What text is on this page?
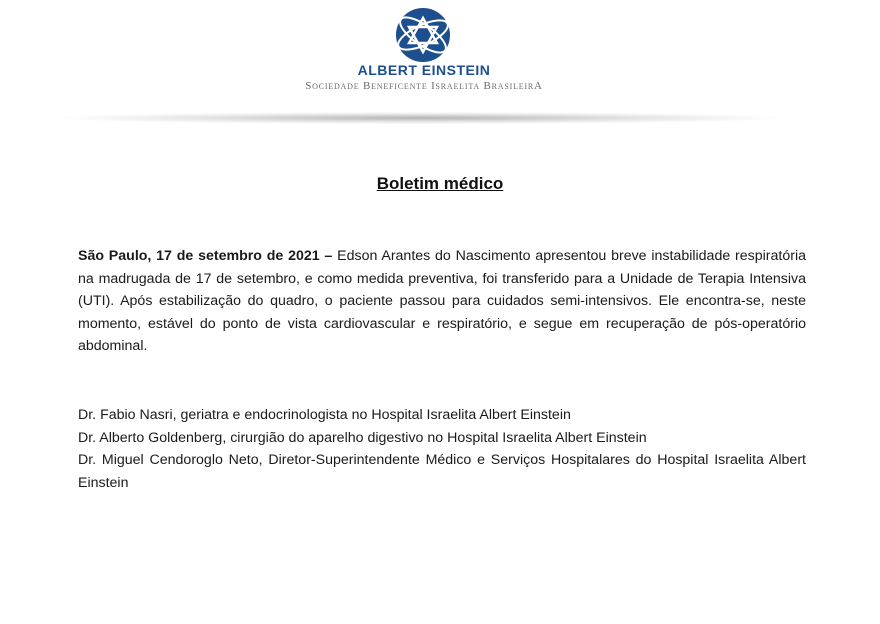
ALBERT EINSTEIN
Sociedade Beneficente Israelita BrasileirA
Boletim médico
São Paulo, 17 de setembro de 2021 – Edson Arantes do Nascimento apresentou breve instabilidade respiratória na madrugada de 17 de setembro, e como medida preventiva, foi transferido para a Unidade de Terapia Intensiva (UTI). Após estabilização do quadro, o paciente passou para cuidados semi-intensivos. Ele encontra-se, neste momento, estável do ponto de vista cardiovascular e respiratório, e segue em recuperação de pós-operatório abdominal.
Dr. Fabio Nasri, geriatra e endocrinologista no Hospital Israelita Albert Einstein
Dr. Alberto Goldenberg, cirurgião do aparelho digestivo no Hospital Israelita Albert Einstein
Dr. Miguel Cendoroglo Neto, Diretor-Superintendente Médico e Serviços Hospitalares do Hospital Israelita Albert Einstein
